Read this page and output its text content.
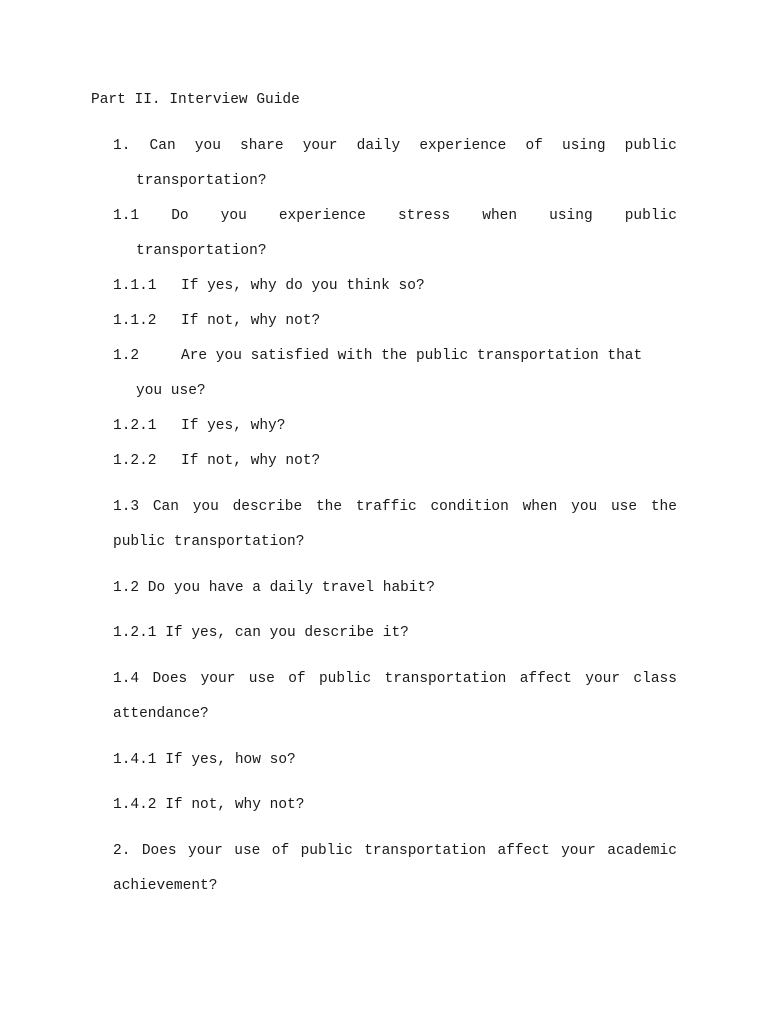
Part II. Interview Guide
1. Can you share your daily experience of using public
transportation?
1.1 Do you experience stress when using public
transportation?
1.1.1 If yes, why do you think so?
1.1.2 If not, why not?
1.2	Are you satisfied with the public transportation that
you use?
1.2.1 If yes, why?
1.2.2 If not, why not?
1.3 Can you describe the traffic condition when you use the
public transportation?
1.2 Do you have a daily travel habit?
1.2.1 If yes, can you describe it?
1.4 Does your use of public transportation affect your class
attendance?
1.4.1 If yes, how so?
1.4.2 If not, why not?
2. Does your use of public transportation affect your academic
achievement?
